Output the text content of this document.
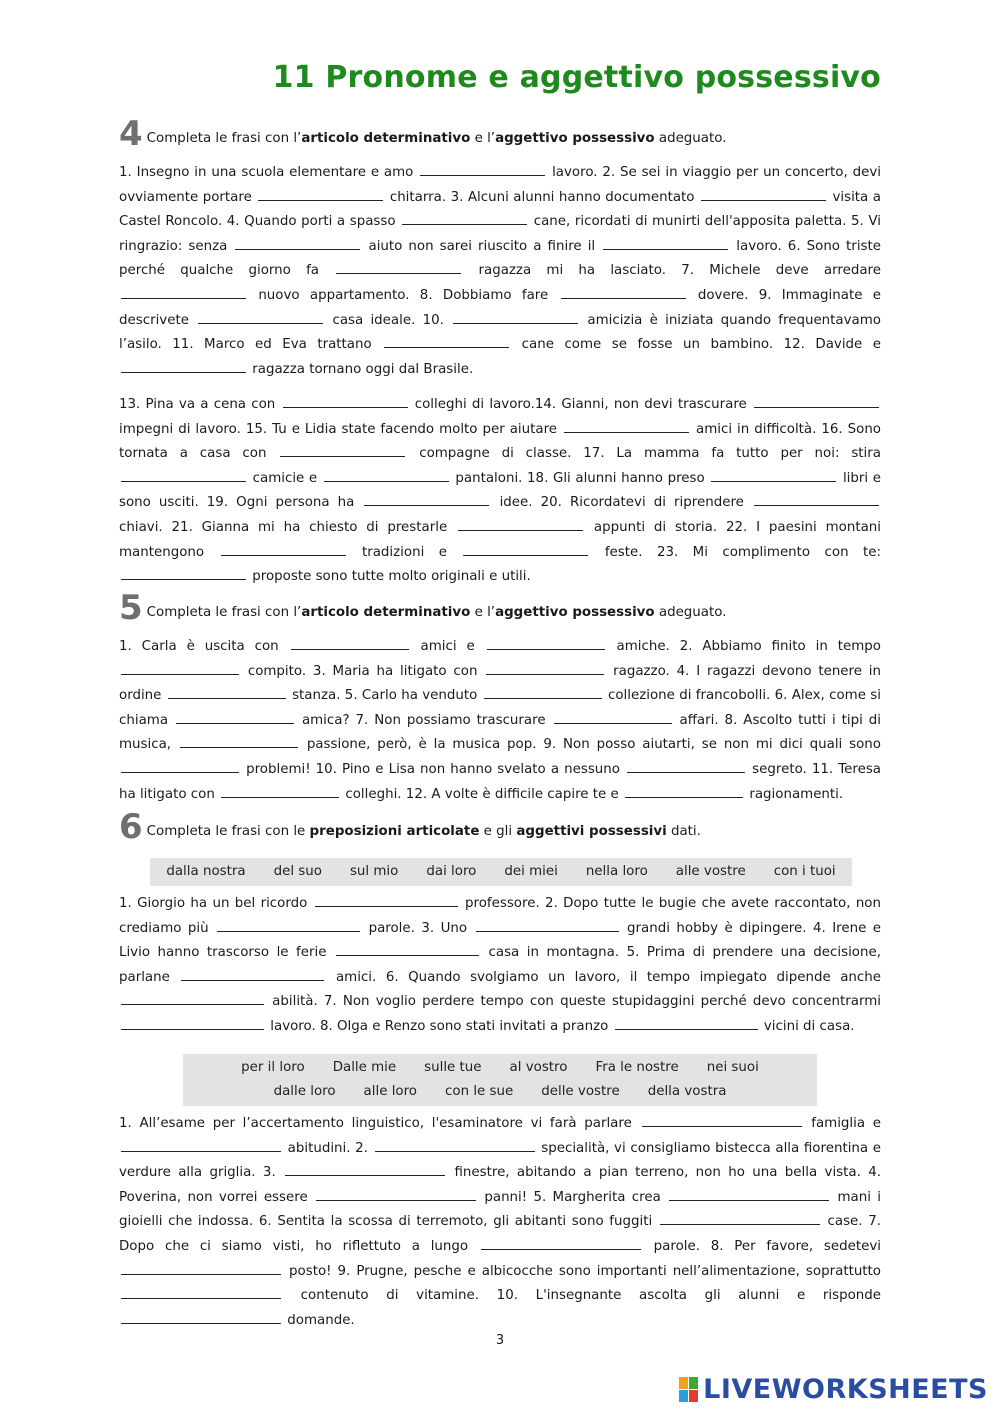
11 Pronome e aggettivo possessivo
4 Completa le frasi con l’articolo determinativo e l’aggettivo possessivo adeguato.

1. Insegno in una scuola elementare e amo	lavoro. 2. Se sei in viaggio per un concerto, devi ovviamente portare	chitarra. 3. Alcuni alunni hanno documentato	visita a Castel Roncolo. 4. Quando porti a spasso	cane, ricordati di munirti dell'apposita paletta. 5. Vi ringrazio: senza	aiuto non sarei riuscito a finire il	lavoro. 6. Sono triste perché qualche giorno fa	ragazza mi ha lasciato. 7. Michele deve arredare  nuovo appartamento. 8. Dobbiamo fare	dovere. 9. Immaginate e descrivete	casa ideale. 10.	amicizia è iniziata quando frequentavamo l’asilo. 11. Marco ed Eva trattano	cane come se fosse un bambino. 12. Davide e  ragazza tornano oggi dal Brasile.

13. Pina va a cena con	colleghi di lavoro.14. Gianni, non devi trascurare  impegni di lavoro. 15. Tu e Lidia state facendo molto per aiutare	amici in difficoltà. 16. Sono tornata a casa con	compagne di classe. 17. La mamma fa tutto per noi: stira  camicie e	pantaloni. 18. Gli alunni hanno preso	libri e sono usciti. 19. Ogni persona ha	idee. 20. Ricordatevi di riprendere  chiavi. 21. Gianna mi ha chiesto di prestarle	appunti di storia. 22. I paesini montani mantengono	tradizioni e	feste. 23. Mi complimento con te:  proposte sono tutte molto originali e utili.

5 Completa le frasi con l’articolo determinativo e l’aggettivo possessivo adeguato.

1. Carla è uscita con	amici e	amiche. 2. Abbiamo finito in tempo  compito. 3. Maria ha litigato con	ragazzo. 4. I ragazzi devono tenere in ordine	stanza. 5. Carlo ha venduto	collezione di francobolli. 6. Alex, come si chiama	amica? 7. Non possiamo trascurare	affari. 8. Ascolto tutti i tipi di musica,	passione, però, è la musica pop. 9. Non posso aiutarti, se non mi dici quali sono  problemi! 10. Pino e Lisa non hanno svelato a nessuno	segreto. 11. Teresa ha litigato con	colleghi. 12. A volte è difficile capire te e	ragionamenti.

6 Completa le frasi con le preposizioni articolate e gli aggettivi possessivi dati.
dalla nostra	del suo	sul mio	dai loro	dei miei	nella loro	alle vostre	con i tuoi

1. Giorgio ha un bel ricordo	professore. 2. Dopo tutte le bugie che avete raccontato, non crediamo più	parole. 3. Uno	grandi hobby è dipingere. 4. Irene e Livio hanno trascorso le ferie	casa in montagna. 5. Prima di prendere una decisione, parlane	amici. 6. Quando svolgiamo un lavoro, il tempo impiegato dipende anche  abilità. 7. Non voglio perdere tempo con queste stupidaggini perché devo concentrarmi  lavoro. 8. Olga e Renzo sono stati invitati a pranzo	vicini di casa.

per il loro	Dalle mie	sulle tue	al vostro	Fra le nostre	nei suoi
dalle loro	alle loro	con le sue	delle vostre	della vostra

1. All’esame per l’accertamento linguistico, l'esaminatore vi farà parlare	famiglia e  abitudini. 2.	specialità, vi consigliamo bistecca alla fiorentina e verdure alla griglia. 3.	finestre, abitando a pian terreno, non ho una bella vista. 4. Poverina, non vorrei essere	panni! 5. Margherita crea	mani i gioielli che indossa. 6. Sentita la scossa di terremoto, gli abitanti sono fuggiti	case. 7. Dopo che ci siamo visti, ho riflettuto a lungo	parole. 8. Per favore, sedetevi  posto! 9. Prugne, pesche e albicocche sono importanti nell’alimentazione, soprattutto  contenuto di vitamine. 10. L'insegnante ascolta gli alunni e risponde  domande.

3
LIVEWORKSHEETS
